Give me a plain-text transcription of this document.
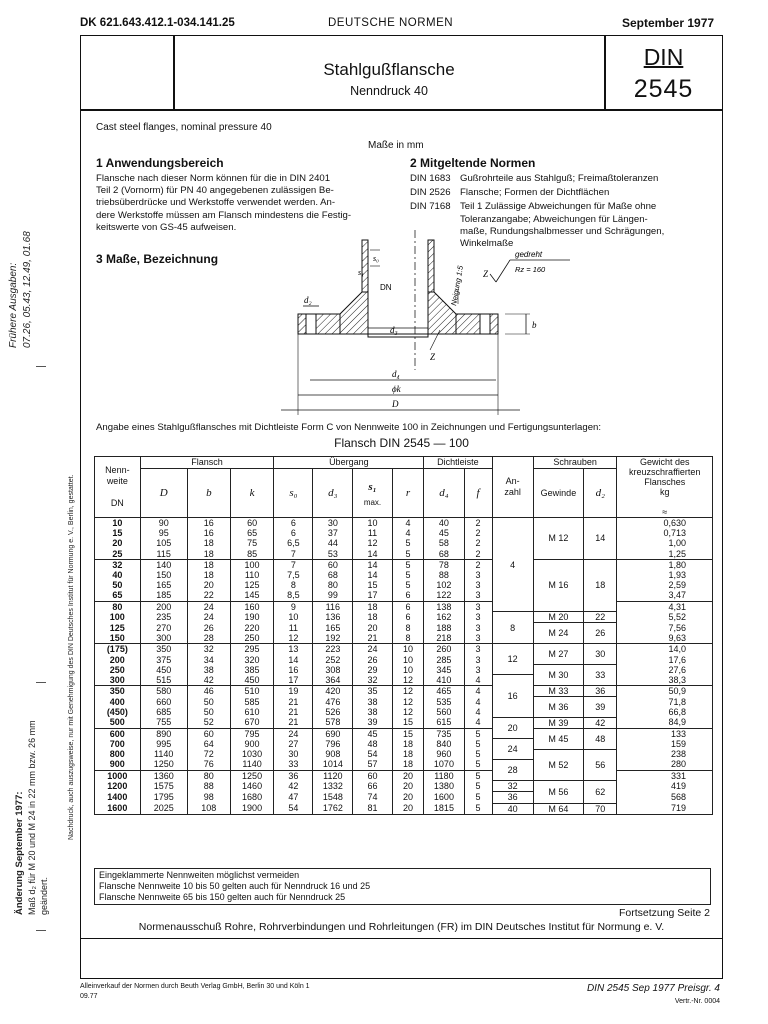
Frühere Ausgaben: 07.26, 05.43, 12.49, 01.68
Nachdruck, auch auszugsweise, nur mit Genehmigung des DIN Deutsches Institut für Normung e. V., Berlin, gestattet.
Änderung September 1977: Maß d₂ für M 20 und M 24 in 22 mm bzw. 26 mm geändert.
DK 621.643.412.1-034.141.25	DEUTSCHE NORMEN	September 1977
Stahlgußflansche
Nenndruck 40
DIN
2545
Cast steel flanges, nominal pressure 40
Maße in mm
1 Anwendungsbereich

Flansche nach dieser Norm können für die in DIN 2401

Teil 2 (Vornorm) für PN 40 angegebenen zulässigen Be-

triebsüberdrücke und Werkstoffe verwendet werden. An-

dere Werkstoffe müssen am Flansch mindestens die Festig-

keitswerte von GS-45 aufweisen.

2 Mitgeltende Normen

DIN 1683 Gußrohrteile aus Stahlguß; Freimaßtoleranzen

DIN 2526 Flansche; Formen der Dichtflächen

DIN 7168 Teil 1 Zulässige Abweichungen für Maße ohne

Toleranzangabe; Abweichungen für Längen-

maße, Rundungshalbmesser und Schrägungen,

Winkelmaße

3 Maße, Bezeichnung	s₀
s₁
DN
d₂
d₃
Z
d₄
ϕk
D
b
Neigung 1:5
gedreht
Z	Rz = 160
Angabe eines Stahlgußflansches mit Dichtleiste Form C von Nennweite 100 in Zeichnungen und Fertigungsunterlagen:
Flansch DIN 2545 — 100
Nenn-
weite

DN	Flansch			Übergang				Dichtleiste		An-
zahl	Schrauben		Gewicht des
kreuzschraffierten
Flansches
kg

≈
	D	b	k	s₀	d₃	s₁
max.	r	d₄	f		Gewinde	d₂	
10	90	16	60	6	30	10	4	40	2	4	M 12	14	0,630
15	95	16	65	6	37	11	4	45	2				0,713
20	105	18	75	6,5	44	12	5	58	2				1,00
25	115	18	85	7	53	14	5	68	2				1,25
32	140	18	100	7	60	14	5	78	2		M 16	18	1,80
40	150	18	110	7,5	68	14	5	88	3				1,93
50	165	20	125	8	80	15	5	102	3				2,59
65	185	22	145	8,5	99	17	6	122	3				3,47
80	200	24	160	9	116	18	6	138	3				4,31
100	235	24	190	10	136	18	6	162	3	8	M 20	22	5,52
125	270	26	220	11	165	20	8	188	3		M 24	26	7,56
150	300	28	250	12	192	21	8	218	3				9,63
(175)	350	32	295	13	223	24	10	260	3	12	M 27	30	14,0
200	375	34	320	14	252	26	10	285	3				17,6
250	450	38	385	16	308	29	10	345	3		M 30	33	27,6
300	515	42	450	17	364	32	12	410	4	16			38,3
350	580	46	510	19	420	35	12	465	4		M 33	36	50,9
400	660	50	585	21	476	38	12	535	4		M 36	39	71,8
(450)	685	50	610	21	526	38	12	560	4				66,8
500	755	52	670	21	578	39	15	615	4	20	M 39	42	84,9
600	890	60	795	24	690	45	15	735	5		M 45	48	133
700	995	64	900	27	796	48	18	840	5	24			159
800	1140	72	1030	30	908	54	18	960	5		M 52	56	238
900	1250	76	1140	33	1014	57	18	1070	5	28			280
1000	1360	80	1250	36	1120	60	20	1180	5				331
1200	1575	88	1460	42	1332	66	20	1380	5	32	M 56	62	419
1400	1795	98	1680	47	1548	74	20	1600	5	36			568
1600	2025	108	1900	54	1762	81	20	1815	5	40	M 64	70	719
Eingeklammerte Nennweiten möglichst vermeiden
Flansche Nennweite 10 bis 50 gelten auch für Nenndruck 16 und 25
Flansche Nennweite 65 bis 150 gelten auch für Nenndruck 25
Fortsetzung Seite 2
Normenausschuß Rohre, Rohrverbindungen und Rohrleitungen (FR) im DIN Deutsches Institut für Normung e. V.
Alleinverkauf der Normen durch Beuth Verlag GmbH, Berlin 30 und Köln 1
09.77
DIN 2545 Sep 1977 Preisgr. 4
Vertr.-Nr. 0004
